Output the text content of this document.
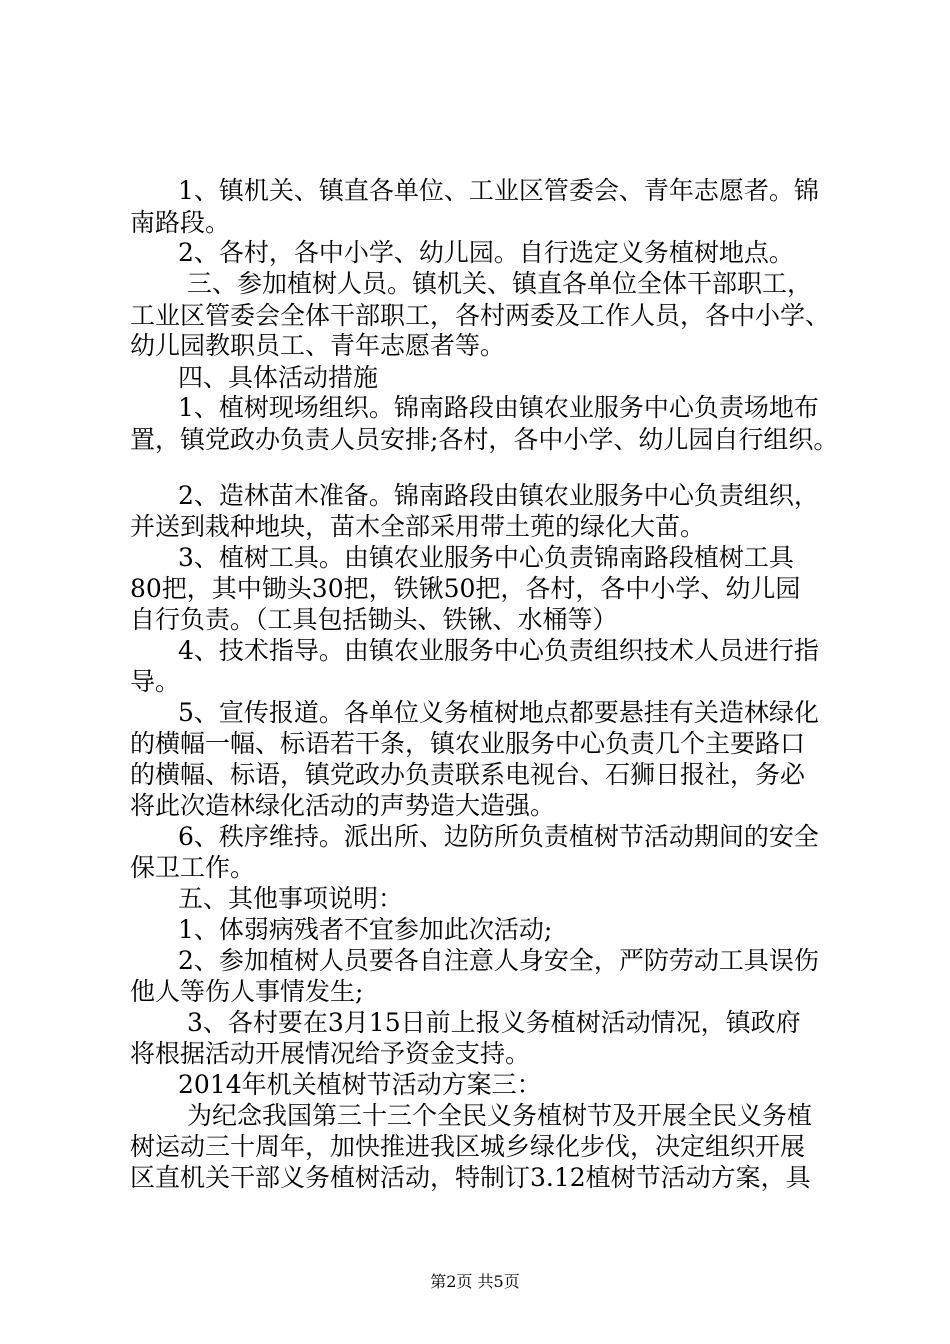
1、镇机关、镇直各单位、工业区管委会、青年志愿者。锦
南路段。
2、各村，各中小学、幼儿园。自行选定义务植树地点。
三、参加植树人员。镇机关、镇直各单位全体干部职工，
工业区管委会全体干部职工，各村两委及工作人员，各中小学、
幼儿园教职员工、青年志愿者等。
四、具体活动措施
1、植树现场组织。锦南路段由镇农业服务中心负责场地布
置，镇党政办负责人员安排;各村，各中小学、幼儿园自行组织。
2、造林苗木准备。锦南路段由镇农业服务中心负责组织，
并送到栽种地块，苗木全部采用带土蔸的绿化大苗。
3、植树工具。由镇农业服务中心负责锦南路段植树工具
80把，其中锄头30把，铁锹50把，各村，各中小学、幼儿园
自行负责。（工具包括锄头、铁锹、水桶等）
4、技术指导。由镇农业服务中心负责组织技术人员进行指
导。
5、宣传报道。各单位义务植树地点都要悬挂有关造林绿化
的横幅一幅、标语若干条，镇农业服务中心负责几个主要路口
的横幅、标语，镇党政办负责联系电视台、石狮日报社，务必
将此次造林绿化活动的声势造大造强。
6、秩序维持。派出所、边防所负责植树节活动期间的安全
保卫工作。
五、其他事项说明：
1、体弱病残者不宜参加此次活动;
2、参加植树人员要各自注意人身安全，严防劳动工具误伤
他人等伤人事情发生;
3、各村要在3月15日前上报义务植树活动情况，镇政府
将根据活动开展情况给予资金支持。
2014年机关植树节活动方案三：
为纪念我国第三十三个全民义务植树节及开展全民义务植
树运动三十周年，加快推进我区城乡绿化步伐，决定组织开展
区直机关干部义务植树活动，特制订3.12植树节活动方案，具
第2页 共5页
